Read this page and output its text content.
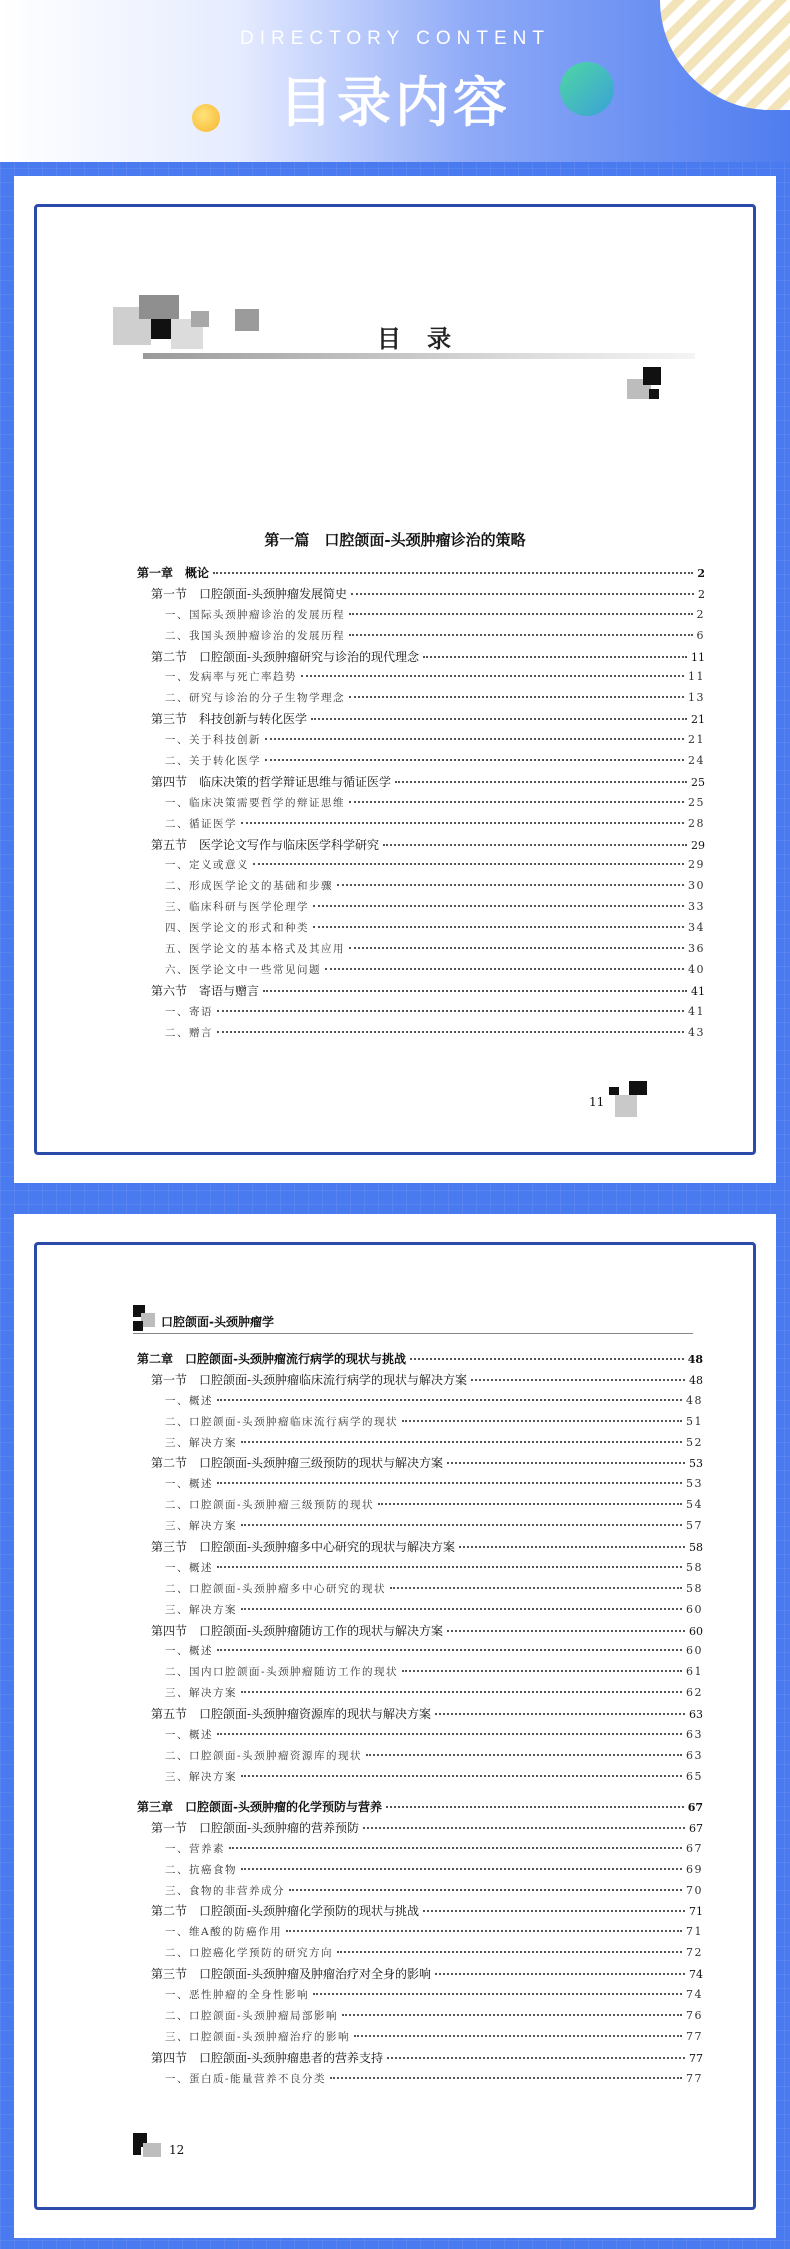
DIRECTORY CONTENT
目录内容
目录
第一篇　口腔颌面-头颈肿瘤诊治的策略
第一章　概论	2
第一节　口腔颌面-头颈肿瘤发展简史	2
一、国际头颈肿瘤诊治的发展历程	2
二、我国头颈肿瘤诊治的发展历程	6
第二节　口腔颌面-头颈肿瘤研究与诊治的现代理念	11
一、发病率与死亡率趋势	11
二、研究与诊治的分子生物学理念	13
第三节　科技创新与转化医学	21
一、关于科技创新	21
二、关于转化医学	24
第四节　临床决策的哲学辩证思维与循证医学	25
一、临床决策需要哲学的辩证思维	25
二、循证医学	28
第五节　医学论文写作与临床医学科学研究	29
一、定义或意义	29
二、形成医学论文的基础和步骤	30
三、临床科研与医学伦理学	33
四、医学论文的形式和种类	34
五、医学论文的基本格式及其应用	36
六、医学论文中一些常见问题	40
第六节　寄语与赠言	41
一、寄语	41
二、赠言	43
11
口腔颌面-头颈肿瘤学
第二章　口腔颌面-头颈肿瘤流行病学的现状与挑战	48
第一节　口腔颌面-头颈肿瘤临床流行病学的现状与解决方案	48
一、概述	48
二、口腔颌面-头颈肿瘤临床流行病学的现状	51
三、解决方案	52
第二节　口腔颌面-头颈肿瘤三级预防的现状与解决方案	53
一、概述	53
二、口腔颌面-头颈肿瘤三级预防的现状	54
三、解决方案	57
第三节　口腔颌面-头颈肿瘤多中心研究的现状与解决方案	58
一、概述	58
二、口腔颌面-头颈肿瘤多中心研究的现状	58
三、解决方案	60
第四节　口腔颌面-头颈肿瘤随访工作的现状与解决方案	60
一、概述	60
二、国内口腔颌面-头颈肿瘤随访工作的现状	61
三、解决方案	62
第五节　口腔颌面-头颈肿瘤资源库的现状与解决方案	63
一、概述	63
二、口腔颌面-头颈肿瘤资源库的现状	63
三、解决方案	65
第三章　口腔颌面-头颈肿瘤的化学预防与营养	67
第一节　口腔颌面-头颈肿瘤的营养预防	67
一、营养素	67
二、抗癌食物	69
三、食物的非营养成分	70
第二节　口腔颌面-头颈肿瘤化学预防的现状与挑战	71
一、维A酸的防癌作用	71
二、口腔癌化学预防的研究方向	72
第三节　口腔颌面-头颈肿瘤及肿瘤治疗对全身的影响	74
一、恶性肿瘤的全身性影响	74
二、口腔颌面-头颈肿瘤局部影响	76
三、口腔颌面-头颈肿瘤治疗的影响	77
第四节　口腔颌面-头颈肿瘤患者的营养支持	77
一、蛋白质-能量营养不良分类	77
12
